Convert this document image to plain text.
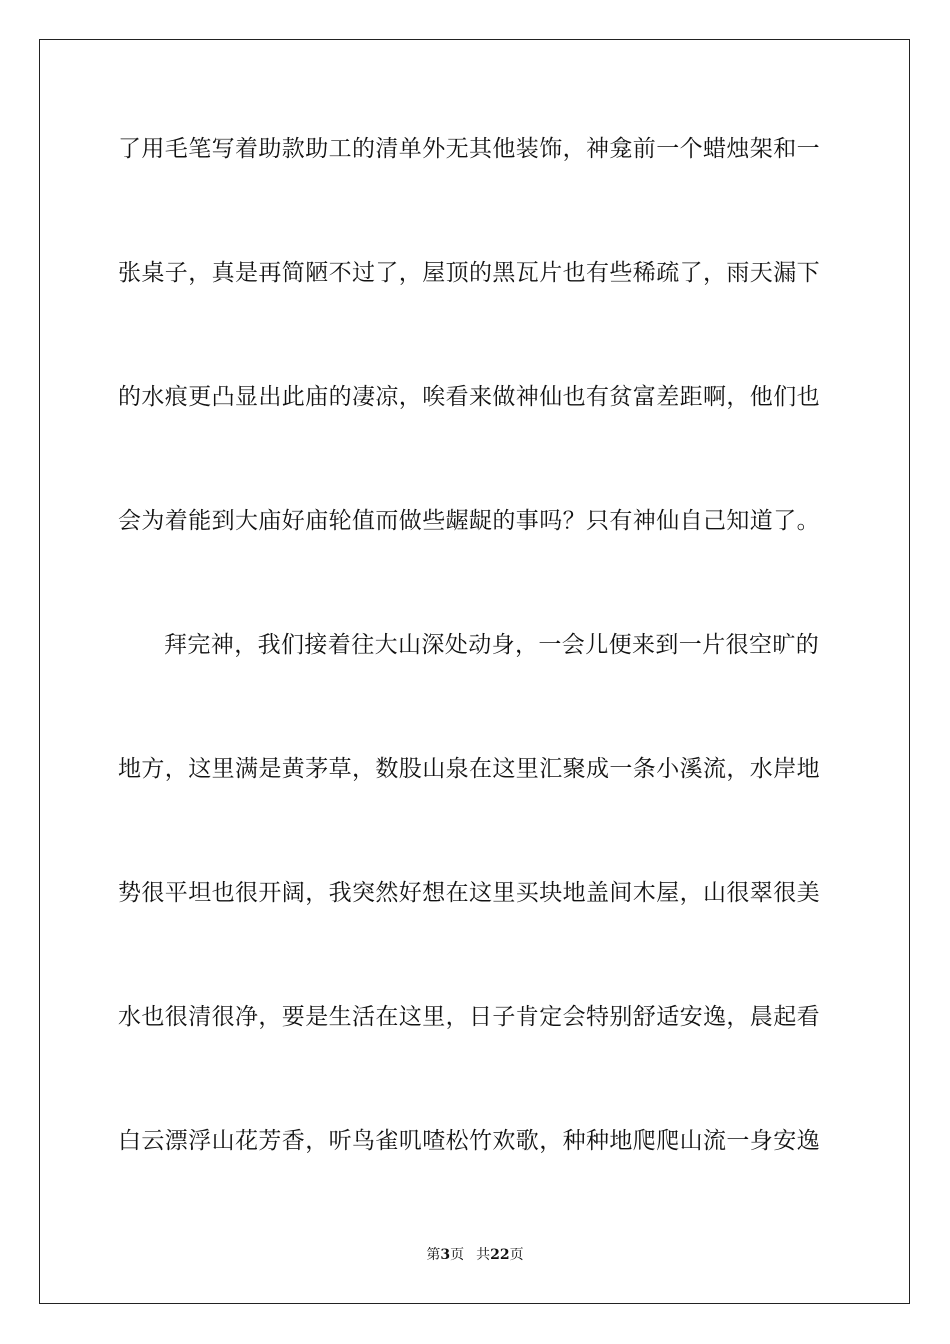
了用毛笔写着助款助工的清单外无其他装饰，神龛前一个蜡烛架和一
张桌子，真是再简陋不过了，屋顶的黑瓦片也有些稀疏了，雨天漏下
的水痕更凸显出此庙的凄凉，唉看来做神仙也有贫富差距啊，他们也
会为着能到大庙好庙轮值而做些龌龊的事吗？只有神仙自己知道了。
拜完神，我们接着往大山深处动身，一会儿便来到一片很空旷的
地方，这里满是黄茅草，数股山泉在这里汇聚成一条小溪流，水岸地
势很平坦也很开阔，我突然好想在这里买块地盖间木屋，山很翠很美
水也很清很净，要是生活在这里，日子肯定会特别舒适安逸，晨起看
白云漂浮山花芳香，听鸟雀叽喳松竹欢歌，种种地爬爬山流一身安逸
第3页 共22页
